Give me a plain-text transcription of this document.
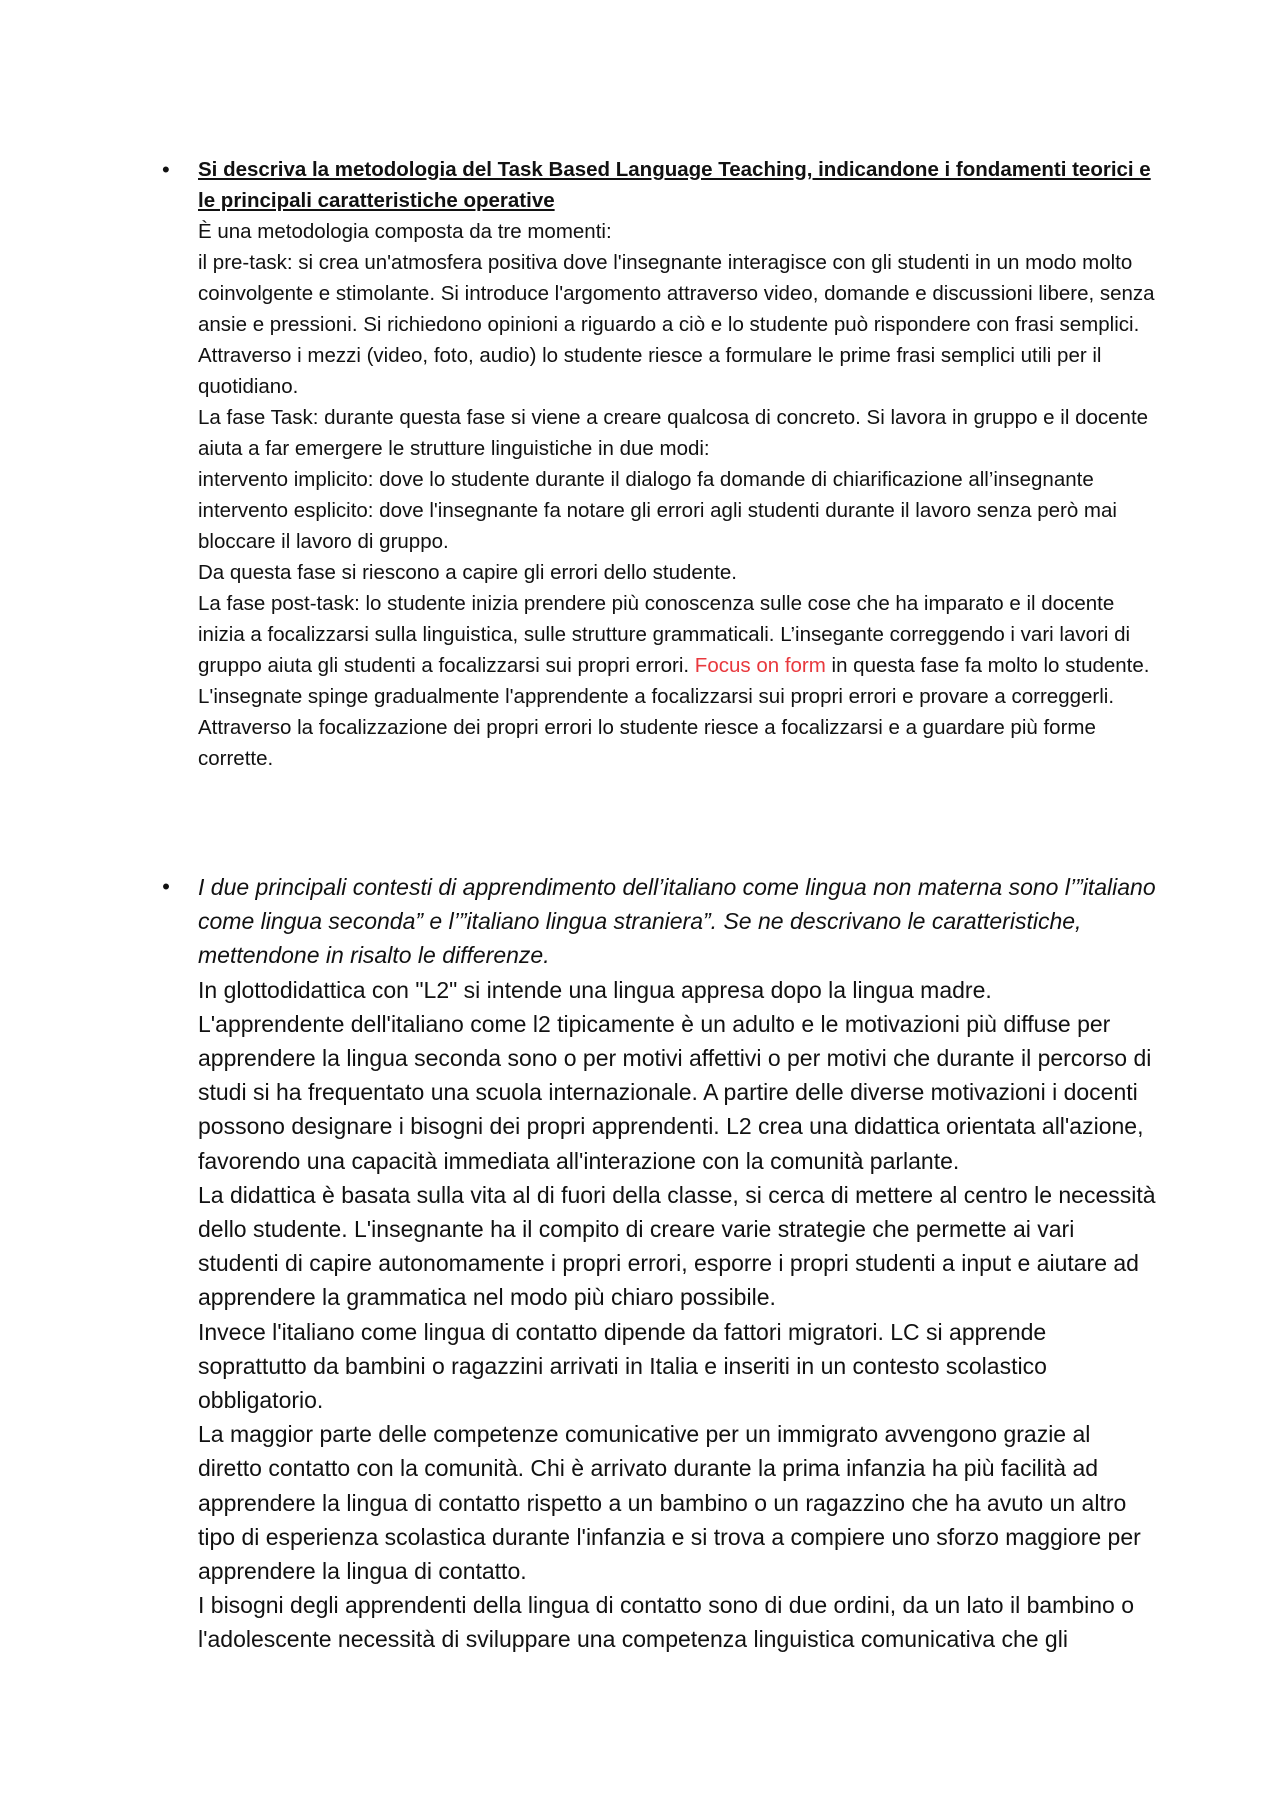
• Si descriva la metodologia del Task Based Language Teaching, indicandone i fondamenti teorici e le principali caratteristiche operative

È una metodologia composta da tre momenti:

il pre-task: si crea un'atmosfera positiva dove l'insegnante interagisce con gli studenti in un modo molto coinvolgente e stimolante. Si introduce l'argomento attraverso video, domande e discussioni libere, senza ansie e pressioni. Si richiedono opinioni a riguardo a ciò e lo studente può rispondere con frasi semplici. Attraverso i mezzi (video, foto, audio) lo studente riesce a formulare le prime frasi semplici utili per il quotidiano.

La fase Task: durante questa fase si viene a creare qualcosa di concreto. Si lavora in gruppo e il docente aiuta a far emergere le strutture linguistiche in due modi:

intervento implicito: dove lo studente durante il dialogo fa domande di chiarificazione all’insegnante

intervento esplicito: dove l'insegnante fa notare gli errori agli studenti durante il lavoro senza però mai bloccare il lavoro di gruppo.

Da questa fase si riescono a capire gli errori dello studente.

La fase post-task: lo studente inizia prendere più conoscenza sulle cose che ha imparato e il docente inizia a focalizzarsi sulla linguistica, sulle strutture grammaticali. L’insegante correggendo i vari lavori di gruppo aiuta gli studenti a focalizzarsi sui propri errori. Focus on form in questa fase fa molto lo studente. L'insegnate spinge gradualmente l'apprendente a focalizzarsi sui propri errori e provare a correggerli. Attraverso la focalizzazione dei propri errori lo studente riesce a focalizzarsi e a guardare più forme corrette.

• I due principali contesti di apprendimento dell’italiano come lingua non materna sono l’”italiano come lingua seconda” e l’”italiano lingua straniera”. Se ne descrivano le caratteristiche, mettendone in risalto le differenze.

In glottodidattica con "L2" si intende una lingua appresa dopo la lingua madre.

L'apprendente dell'italiano come l2 tipicamente è un adulto e le motivazioni più diffuse per apprendere la lingua seconda sono o per motivi affettivi o per motivi che durante il percorso di studi si ha frequentato una scuola internazionale. A partire delle diverse motivazioni i docenti possono designare i bisogni dei propri apprendenti. L2 crea una didattica orientata all'azione, favorendo una capacità immediata all'interazione con la comunità parlante.

La didattica è basata sulla vita al di fuori della classe, si cerca di mettere al centro le necessità dello studente. L'insegnante ha il compito di creare varie strategie che permette ai vari studenti di capire autonomamente i propri errori, esporre i propri studenti a input e aiutare ad apprendere la grammatica nel modo più chiaro possibile.

Invece l'italiano come lingua di contatto dipende da fattori migratori. LC si apprende soprattutto da bambini o ragazzini arrivati in Italia e inseriti in un contesto scolastico obbligatorio.

La maggior parte delle competenze comunicative per un immigrato avvengono grazie al diretto contatto con la comunità. Chi è arrivato durante la prima infanzia ha più facilità ad apprendere la lingua di contatto rispetto a un bambino o un ragazzino che ha avuto un altro tipo di esperienza scolastica durante l'infanzia e si trova a compiere uno sforzo maggiore per apprendere la lingua di contatto.

I bisogni degli apprendenti della lingua di contatto sono di due ordini, da un lato il bambino o l'adolescente necessità di sviluppare una competenza linguistica comunicativa che gli
